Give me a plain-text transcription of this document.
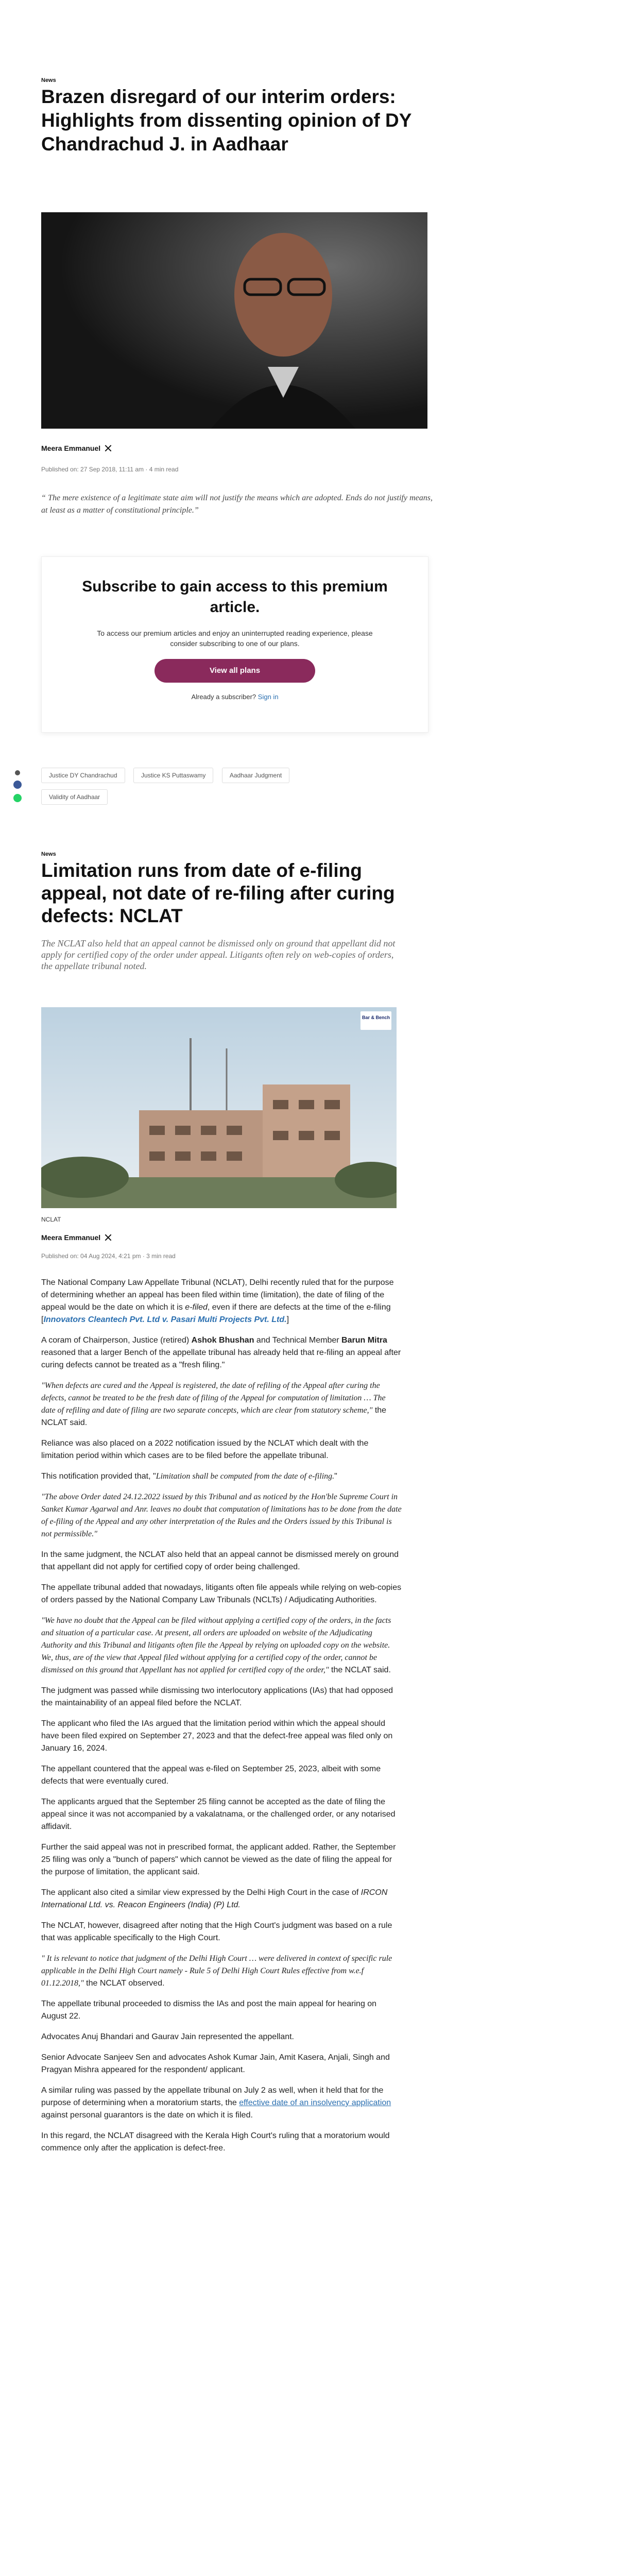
News
Brazen disregard of our interim orders: Highlights from dissenting opinion of DY Chandrachud J. in Aadhaar
Meera Emmanuel
Published on: 27 Sep 2018, 11:11 am · 4 min read
“ The mere existence of a legitimate state aim will not justify the means which are adopted. Ends do not justify means, at least as a matter of constitutional principle.”
Subscribe to gain access to this premium article.
To access our premium articles and enjoy an uninterrupted reading experience, please consider subscribing to one of our plans.
View all plans
Already a subscriber? Sign in
Justice DY Chandrachud	Justice KS Puttaswamy	Aadhaar Judgment
Validity of Aadhaar
News
Limitation runs from date of e-filing appeal, not date of re-filing after curing defects: NCLAT
The NCLAT also held that an appeal cannot be dismissed only on ground that appellant did not apply for certified copy of the order under appeal. Litigants often rely on web-copies of orders, the appellate tribunal noted.
Bar & Bench
NCLAT
Meera Emmanuel
Published on: 04 Aug 2024, 4:21 pm · 3 min read

The National Company Law Appellate Tribunal (NCLAT), Delhi recently ruled that for the purpose of determining whether an appeal has been filed within time (limitation), the date of filing of the appeal would be the date on which it is e-filed, even if there are defects at the time of the e-filing [Innovators Cleantech Pvt. Ltd v. Pasari Multi Projects Pvt. Ltd.]

A coram of Chairperson, Justice (retired) Ashok Bhushan and Technical Member Barun Mitra reasoned that a larger Bench of the appellate tribunal has already held that re-filing an appeal after curing defects cannot be treated as a "fresh filing."

"When defects are cured and the Appeal is registered, the date of refiling of the Appeal after curing the defects, cannot be treated to be the fresh date of filing of the Appeal for computation of limitation … The date of refiling and date of filing are two separate concepts, which are clear from statutory scheme," the NCLAT said.

Reliance was also placed on a 2022 notification issued by the NCLAT which dealt with the limitation period within which cases are to be filed before the appellate tribunal.

This notification provided that, "Limitation shall be computed from the date of e-filing."

"The above Order dated 24.12.2022 issued by this Tribunal and as noticed by the Hon'ble Supreme Court in Sanket Kumar Agarwal and Anr. leaves no doubt that computation of limitations has to be done from the date of e-filing of the Appeal and any other interpretation of the Rules and the Orders issued by this Tribunal is not permissible."

In the same judgment, the NCLAT also held that an appeal cannot be dismissed merely on ground that appellant did not apply for certified copy of order being challenged.

The appellate tribunal added that nowadays, litigants often file appeals while relying on web-copies of orders passed by the National Company Law Tribunals (NCLTs) / Adjudicating Authorities.

"We have no doubt that the Appeal can be filed without applying a certified copy of the orders, in the facts and situation of a particular case. At present, all orders are uploaded on website of the Adjudicating Authority and this Tribunal and litigants often file the Appeal by relying on uploaded copy on the website. We, thus, are of the view that Appeal filed without applying for a certified copy of the order, cannot be dismissed on this ground that Appellant has not applied for certified copy of the order," the NCLAT said.

The judgment was passed while dismissing two interlocutory applications (IAs) that had opposed the maintainability of an appeal filed before the NCLAT.

The applicant who filed the IAs argued that the limitation period within which the appeal should have been filed expired on September 27, 2023 and that the defect-free appeal was filed only on January 16, 2024.

The appellant countered that the appeal was e-filed on September 25, 2023, albeit with some defects that were eventually cured.

The applicants argued that the September 25 filing cannot be accepted as the date of filing the appeal since it was not accompanied by a vakalatnama, or the challenged order, or any notarised affidavit.

Further the said appeal was not in prescribed format, the applicant added. Rather, the September 25 filing was only a "bunch of papers" which cannot be viewed as the date of filing the appeal for the purpose of limitation, the applicant said.

The applicant also cited a similar view expressed by the Delhi High Court in the case of IRCON International Ltd. vs. Reacon Engineers (India) (P) Ltd.

The NCLAT, however, disagreed after noting that the High Court's judgment was based on a rule that was applicable specifically to the High Court.

" It is relevant to notice that judgment of the Delhi High Court … were delivered in context of specific rule applicable in the Delhi High Court namely - Rule 5 of Delhi High Court Rules effective from w.e.f 01.12.2018," the NCLAT observed.

The appellate tribunal proceeded to dismiss the IAs and post the main appeal for hearing on August 22.

Advocates Anuj Bhandari and Gaurav Jain represented the appellant.

Senior Advocate Sanjeev Sen and advocates Ashok Kumar Jain, Amit Kasera, Anjali, Singh and Pragyan Mishra appeared for the respondent/ applicant.

A similar ruling was passed by the appellate tribunal on July 2 as well, when it held that for the purpose of determining when a moratorium starts, the effective date of an insolvency application against personal guarantors is the date on which it is filed.

In this regard, the NCLAT disagreed with the Kerala High Court's ruling that a moratorium would commence only after the application is defect-free.
